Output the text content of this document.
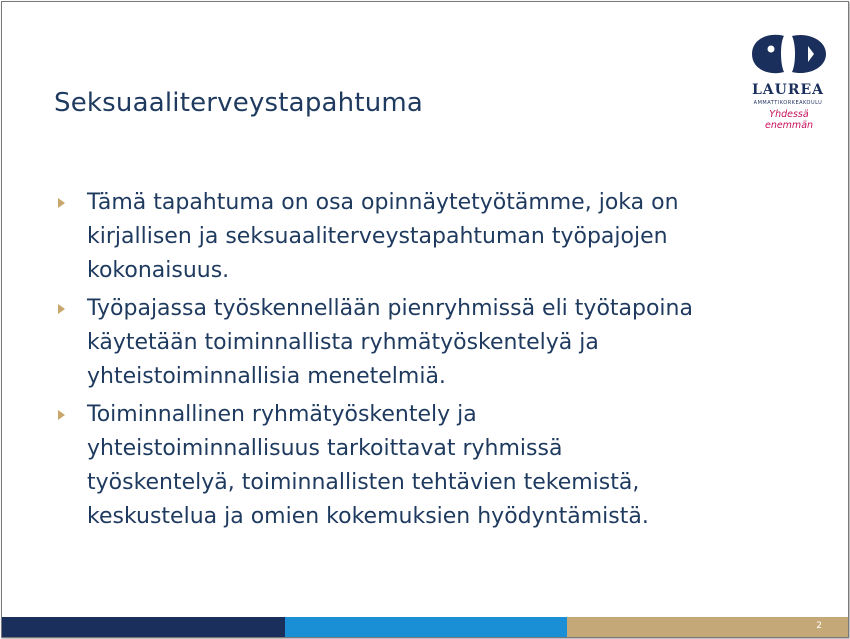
LAUREA
AMMATTIKORKEAKOULU
Yhdessä enemmän
Seksuaaliterveystapahtuma
Tämä tapahtuma on osa opinnäytetyötämme, joka on
kirjallisen ja seksuaaliterveystapahtuman työpajojen
kokonaisuus.
Työpajassa työskennellään pienryhmissä eli työtapoina
käytetään toiminnallista ryhmätyöskentelyä ja
yhteistoiminnallisia menetelmiä.
Toiminnallinen ryhmätyöskentely ja
yhteistoiminnallisuus tarkoittavat ryhmissä
työskentelyä, toiminnallisten tehtävien tekemistä,
keskustelua ja omien kokemuksien hyödyntämistä.
2
